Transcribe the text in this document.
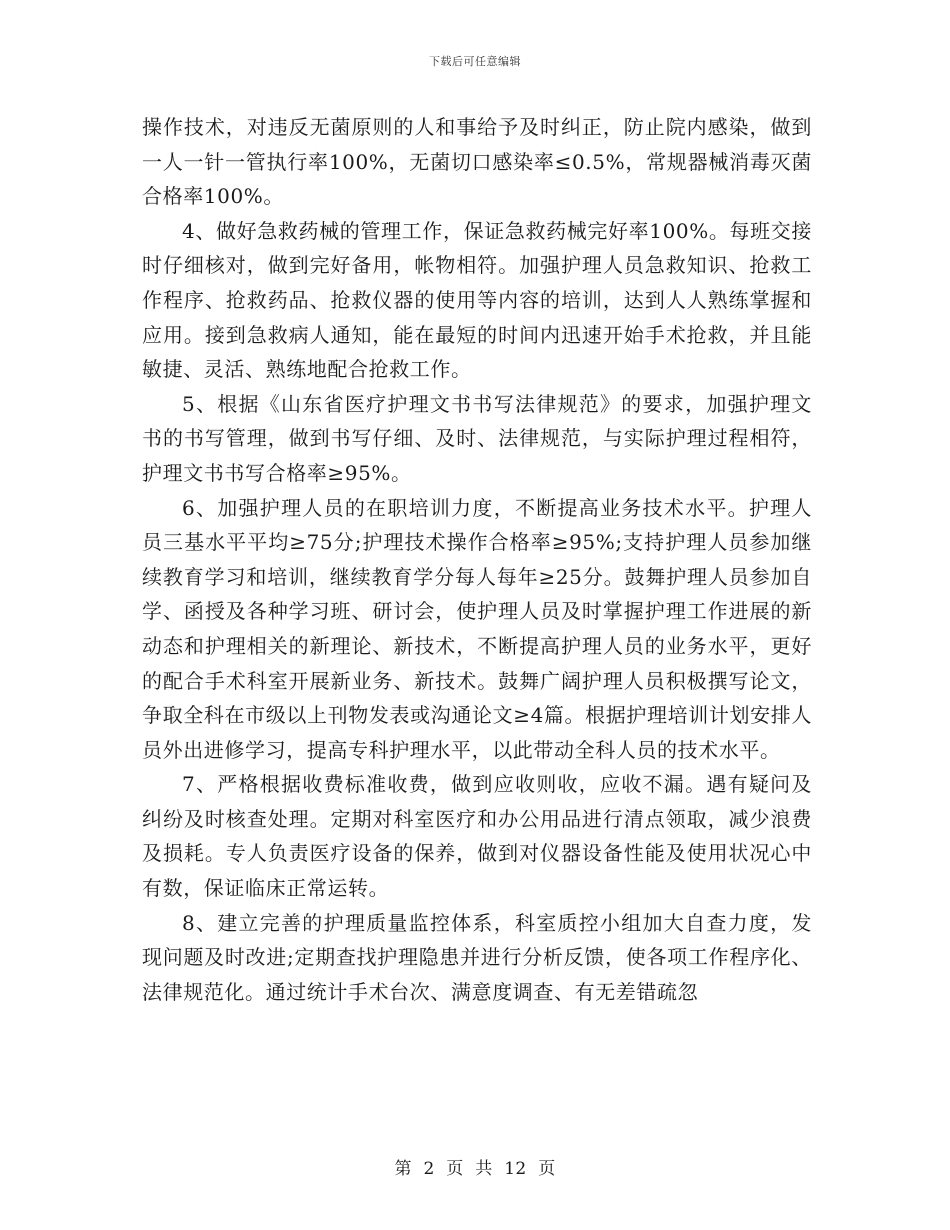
下载后可任意编辑

操作技术，对违反无菌原则的人和事给予及时纠正，防止院内感染，做到一人一针一管执行率100%，无菌切口感染率≤0.5%，常规器械消毒灭菌合格率100%。

4、做好急救药械的管理工作，保证急救药械完好率100%。每班交接时仔细核对，做到完好备用，帐物相符。加强护理人员急救知识、抢救工作程序、抢救药品、抢救仪器的使用等内容的培训，达到人人熟练掌握和应用。接到急救病人通知，能在最短的时间内迅速开始手术抢救，并且能敏捷、灵活、熟练地配合抢救工作。

5、根据《山东省医疗护理文书书写法律规范》的要求，加强护理文书的书写管理，做到书写仔细、及时、法律规范，与实际护理过程相符，护理文书书写合格率≥95%。

6、加强护理人员的在职培训力度，不断提高业务技术水平。护理人员三基水平平均≥75分;护理技术操作合格率≥95%;支持护理人员参加继续教育学习和培训，继续教育学分每人每年≥25分。鼓舞护理人员参加自学、函授及各种学习班、研讨会，使护理人员及时掌握护理工作进展的新动态和护理相关的新理论、新技术，不断提高护理人员的业务水平，更好的配合手术科室开展新业务、新技术。鼓舞广阔护理人员积极撰写论文，争取全科在市级以上刊物发表或沟通论文≥4篇。根据护理培训计划安排人员外出进修学习，提高专科护理水平，以此带动全科人员的技术水平。

7、严格根据收费标准收费，做到应收则收，应收不漏。遇有疑问及纠纷及时核查处理。定期对科室医疗和办公用品进行清点领取，减少浪费及损耗。专人负责医疗设备的保养，做到对仪器设备性能及使用状况心中有数，保证临床正常运转。

8、建立完善的护理质量监控体系，科室质控小组加大自查力度，发现问题及时改进;定期查找护理隐患并进行分析反馈，使各项工作程序化、法律规范化。通过统计手术台次、满意度调查、有无差错疏忽

第 2 页 共 12 页
